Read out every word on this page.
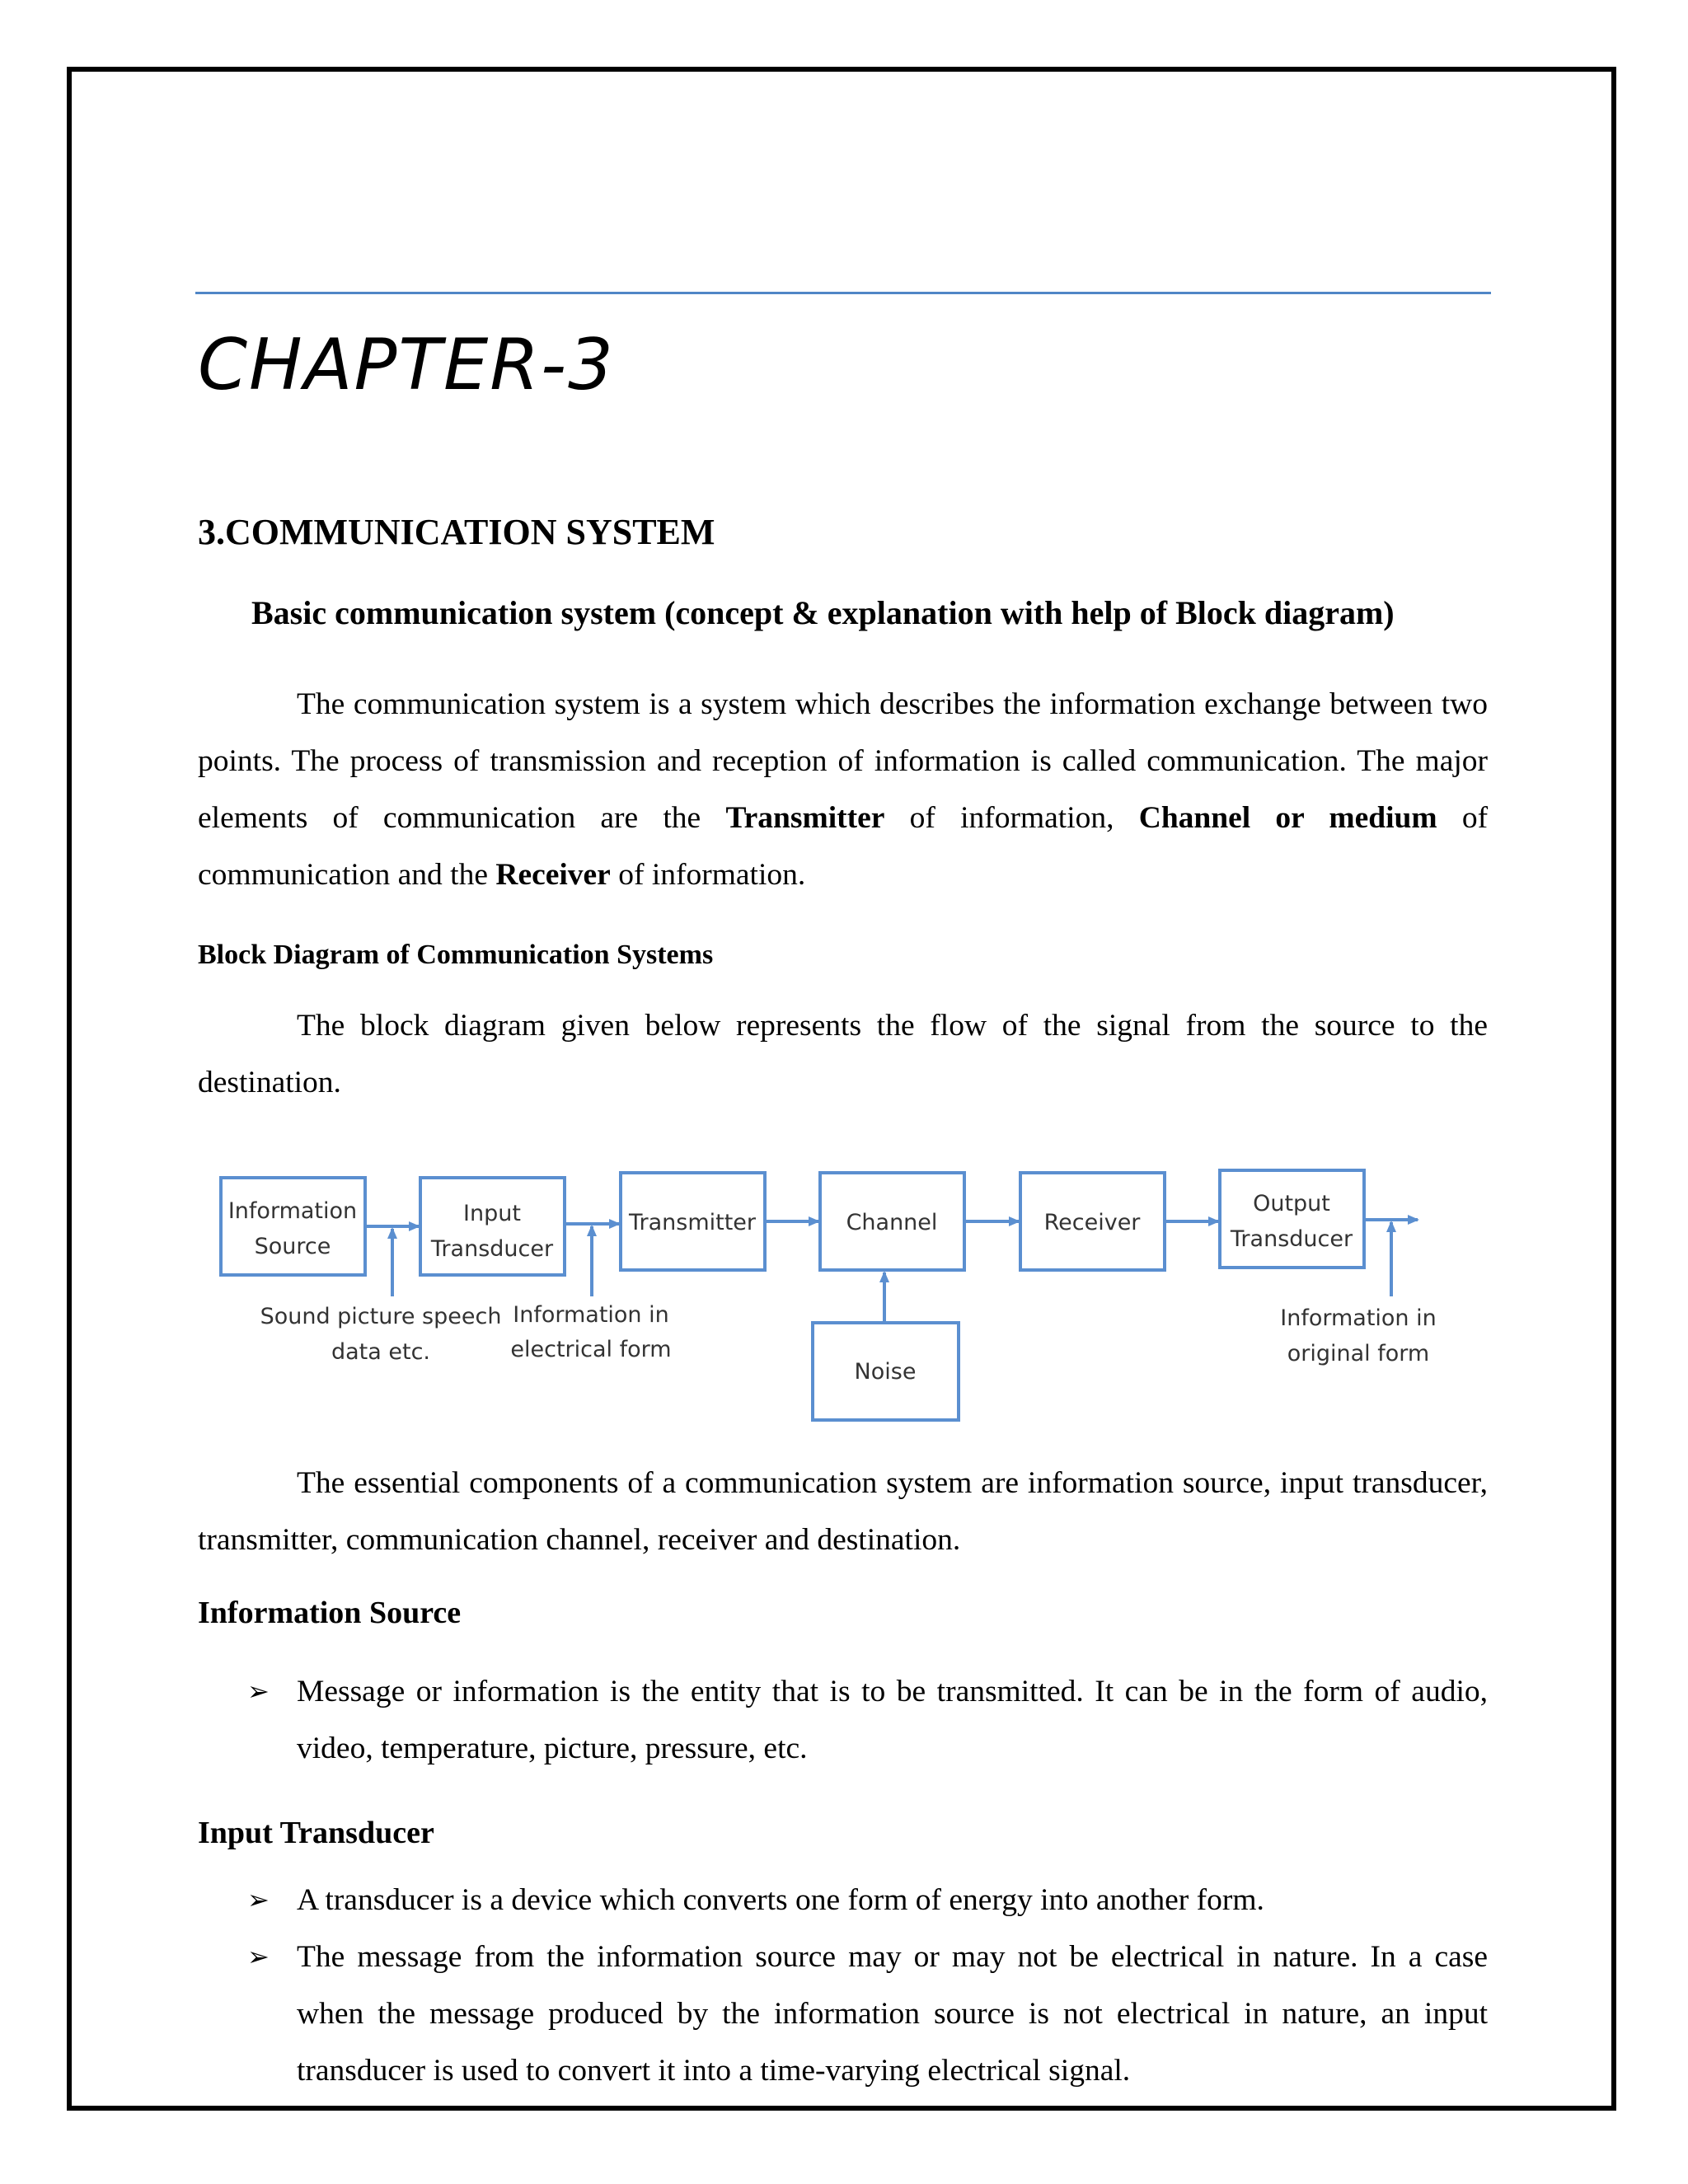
CHAPTER-3
3.COMMUNICATION SYSTEM
Basic communication system (concept & explanation with help of Block diagram)
The communication system is a system which describes the information exchange between two points. The process of transmission and reception of information is called communication. The major elements of communication are the Transmitter of information, Channel or medium of communication and the Receiver of information.
Block Diagram of Communication Systems
The block diagram given below represents the flow of the signal from the source to the destination.
Information
Source
Input
Transducer
Transmitter	Channel	Receiver
Output
Transducer
Noise
Sound picture speech
data etc.
Information in
electrical form
Information in
original form
The essential components of a communication system are information source, input transducer, transmitter, communication channel, receiver and destination.
Information Source
➢ Message or information is the entity that is to be transmitted. It can be in the form of audio, video, temperature, picture, pressure, etc.
Input Transducer
➢ A transducer is a device which converts one form of energy into another form.
➢ The message from the information source may or may not be electrical in nature. In a case when the message produced by the information source is not electrical in nature, an input transducer is used to convert it into a time-varying electrical signal.
